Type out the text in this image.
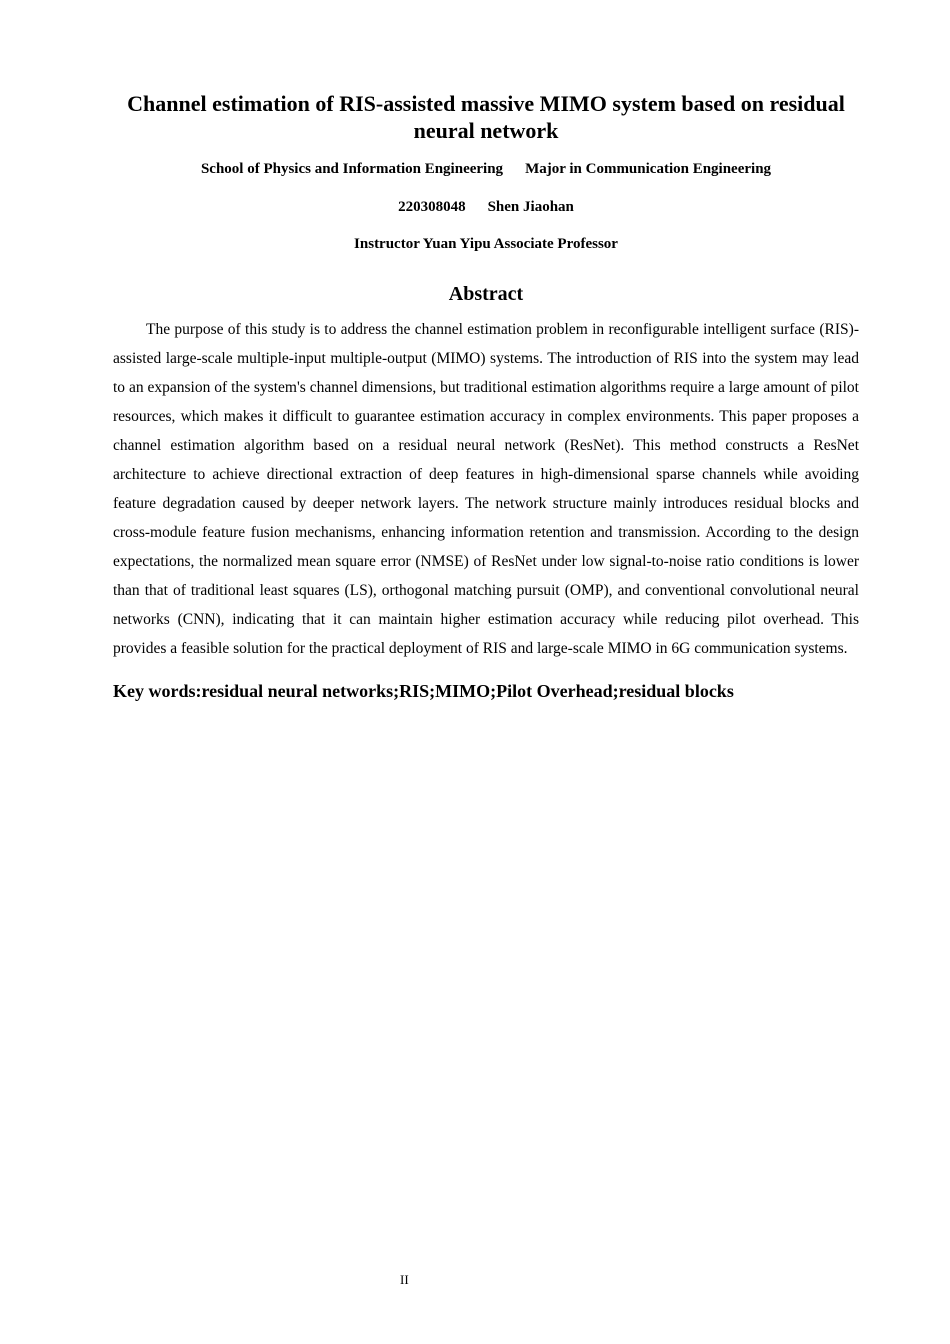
Channel estimation of RIS-assisted massive MIMO system based on residual neural network

School of Physics and Information Engineering Major in Communication Engineering

220308048 Shen Jiaohan

Instructor Yuan Yipu Associate Professor

Abstract

The purpose of this study is to address the channel estimation problem in reconfigurable intelligent surface (RIS)-assisted large-scale multiple-input multiple-output (MIMO) systems. The introduction of RIS into the system may lead to an expansion of the system's channel dimensions, but traditional estimation algorithms require a large amount of pilot resources, which makes it difficult to guarantee estimation accuracy in complex environments. This paper proposes a channel estimation algorithm based on a residual neural network (ResNet). This method constructs a ResNet architecture to achieve directional extraction of deep features in high-dimensional sparse channels while avoiding feature degradation caused by deeper network layers. The network structure mainly introduces residual blocks and cross-module feature fusion mechanisms, enhancing information retention and transmission. According to the design expectations, the normalized mean square error (NMSE) of ResNet under low signal-to-noise ratio conditions is lower than that of traditional least squares (LS), orthogonal matching pursuit (OMP), and conventional convolutional neural networks (CNN), indicating that it can maintain higher estimation accuracy while reducing pilot overhead. This provides a feasible solution for the practical deployment of RIS and large-scale MIMO in 6G communication systems.

Key words:residual neural networks;RIS;MIMO;Pilot Overhead;residual blocks

II
